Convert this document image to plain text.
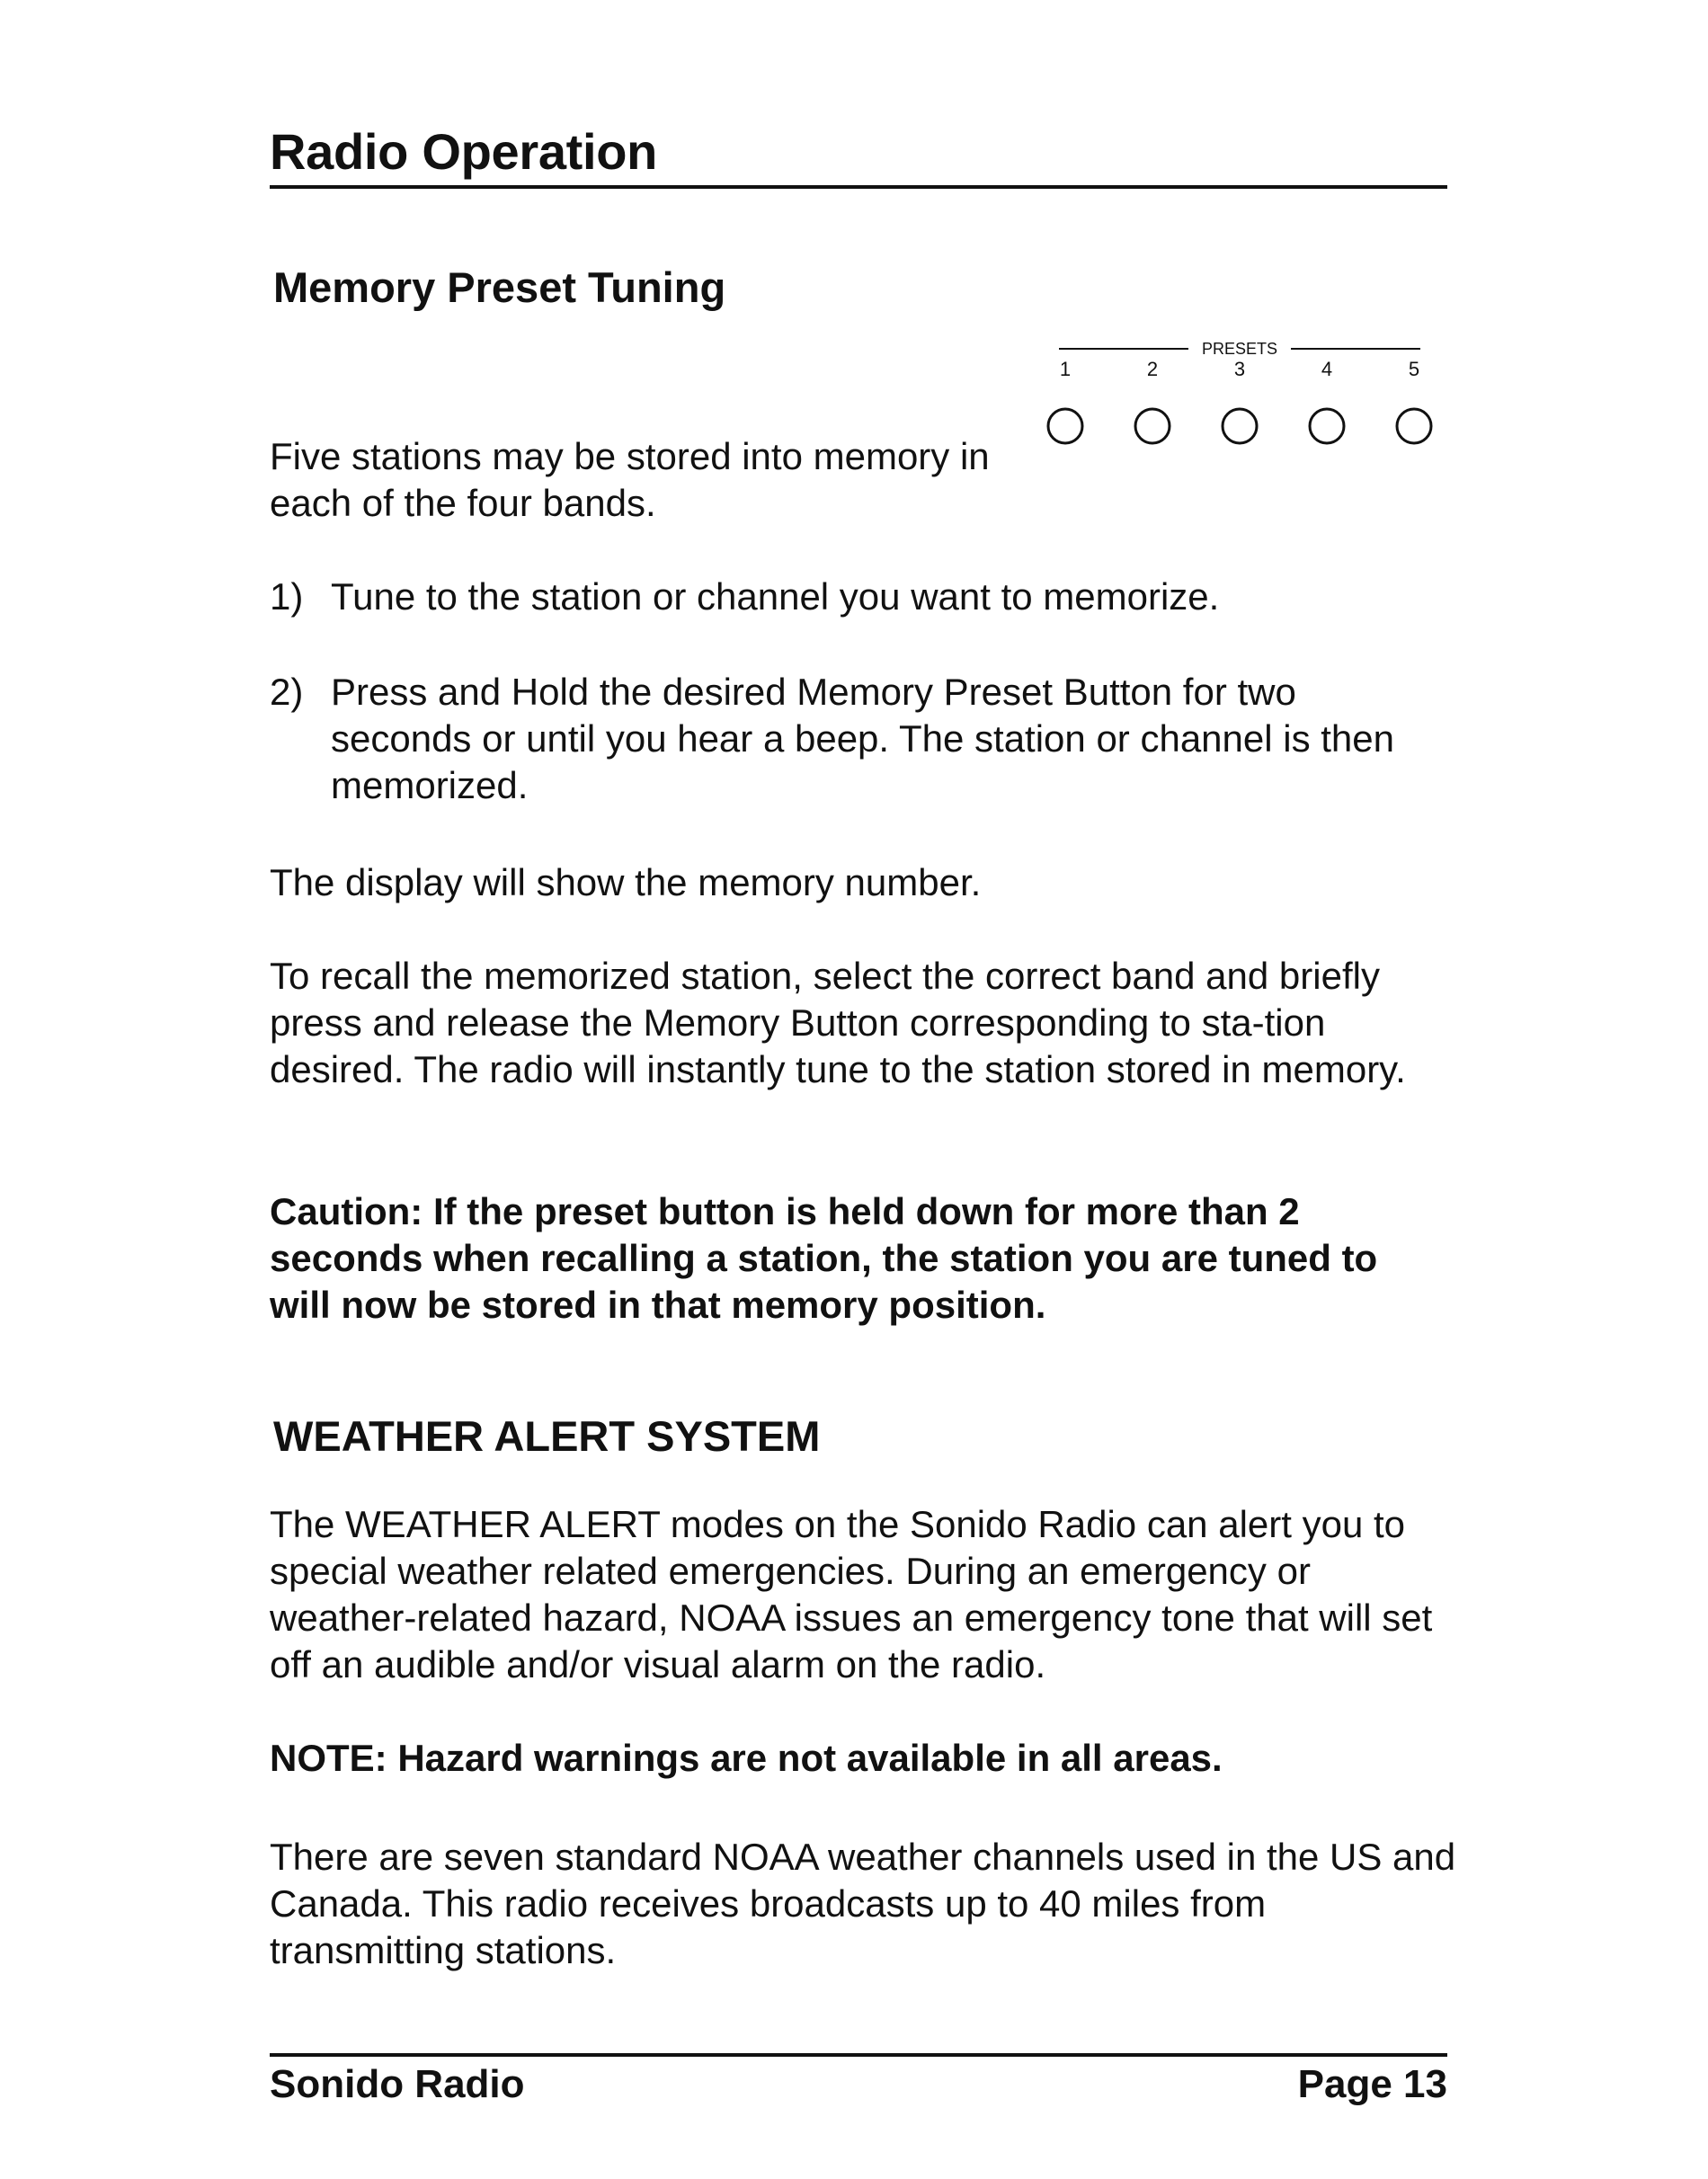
Radio Operation
Memory Preset Tuning
PRESETS
1	2	3	4	5

Five stations may be stored into memory in each of the four bands.

1) Tune to the station or channel you want to memorize.
2) Press and Hold the desired Memory Preset Button for two seconds or until you hear a beep. The station or channel is then memorized.

The display will show the memory number.

To recall the memorized station, select the correct band and briefly press and release the Memory Button corresponding to sta-tion desired. The radio will instantly tune to the station stored in memory.

Caution: If the preset button is held down for more than 2 seconds when recalling a station, the station you are tuned to will now be stored in that memory position.

WEATHER ALERT SYSTEM

The WEATHER ALERT modes on the Sonido Radio can alert you to special weather related emergencies. During an emergency or weather-related hazard, NOAA issues an emergency tone that will set off an audible and/or visual alarm on the radio.

NOTE: Hazard warnings are not available in all areas.

There are seven standard NOAA weather channels used in the US and Canada. This radio receives broadcasts up to 40 miles from transmitting stations.

Sonido Radio	Page 13
